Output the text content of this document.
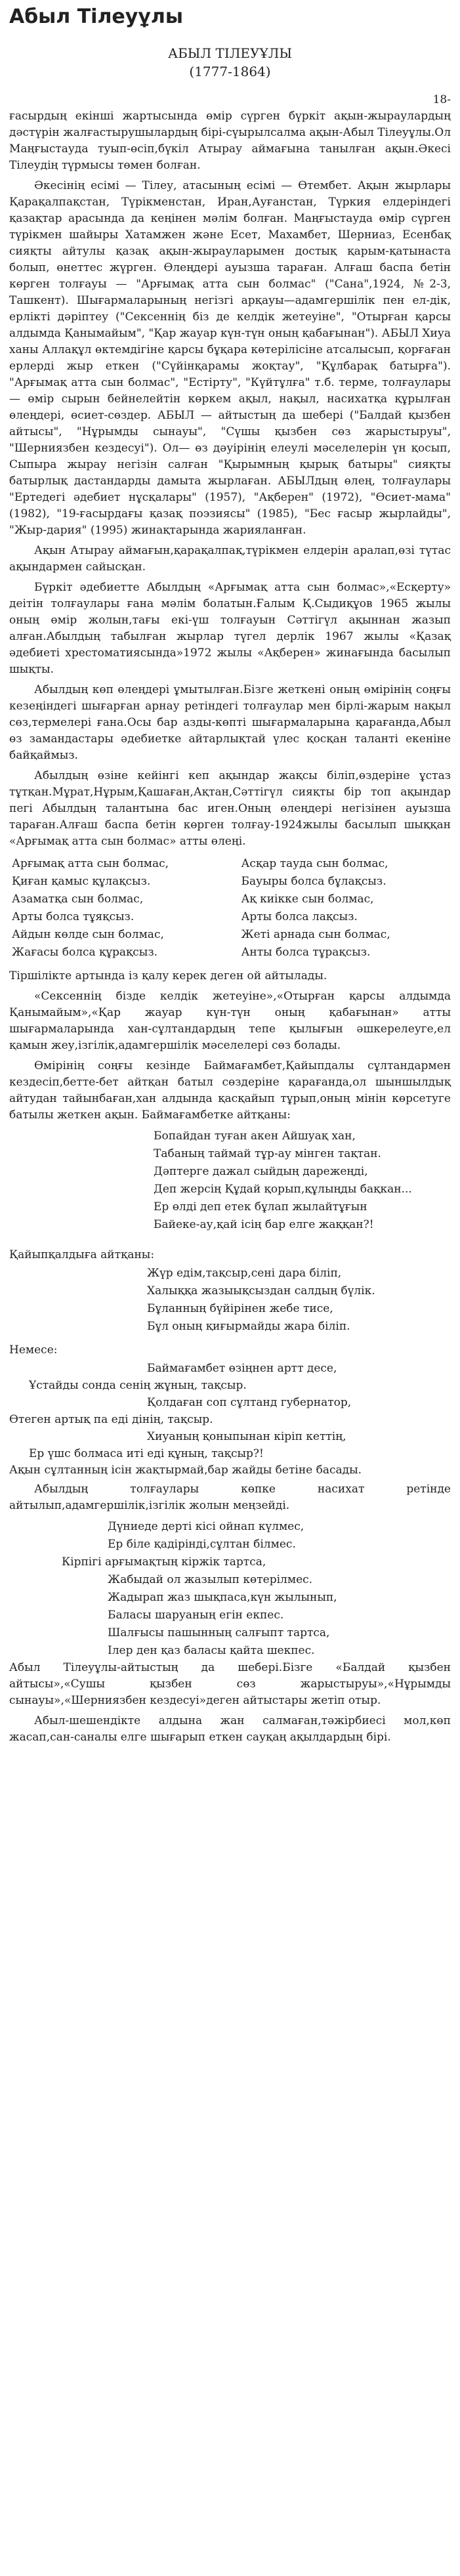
Абыл Тілеуұлы
АБЫЛ ТІЛЕУҰЛЫ
(1777-1864)
18-

ғасырдың екінші жартысында өмір сүрген бүркіт ақын-жыраулардың дәстүрін жалғастырушылардың бірі-сүырылсалма ақын-Абыл Тілеуұлы.Ол Маңғыстауда туып-өсіп,бүкіл Атырау аймағына танылған ақын.Әкесі Тілеудің түрмысы төмен болған.

Әкесінің есімі — Тілеу, атасының есімі — Өтембет. Ақын жырлары Қарақалпақстан, Түрікменстан, Иран,Ауғанстан, Түркия елдеріндегі қазақтар арасында да кеңінен мәлім болған. Маңғыстауда өмір сүрген түрікмен шайыры Хатамжен және Есет, Махамбет, Шерниаз, Есенбақ сияқты айтулы қазақ ақын-жырауларымен достық қарым-қатынаста болып, өнеттес жүрген. Өлеңдері ауызша тараған. Алғаш баспа бетін көрген толғауы — "Арғымақ атта сын болмас" ("Сана",1924, №2-3, Ташкент). Шығармаларының негізгі арқауы—адамгершілік пен ел-дік, ерлікті дәріптеу ("Сексеннің біз де келдік жетеуіне", "Отырған қарсы алдымда Қанымайым", "Қар жауар күн-түн оның қабағынан"). АБЫЛ Хиуа ханы Аллақұл өктемдігіне қарсы бұқара көтерілісіне атсалысып, қорғаған ерлерді жыр еткен ("Сүйінқарамы жоқтау", "Құлбарақ батырға"). "Арғымақ атта сын болмас", "Естірту", "Күйтұлға" т.б. терме, толғаулары— өмір сырын бейнелейтін көркем ақыл, нақыл, насихатқа құрылған өлеңдері, өсиет-сөздер. АБЫЛ — айтыстың да шебері ("Балдай қызбен айтысы", "Нұрымды сынауы", "Сүшы қызбен сөз жарыстыруы", "Шерниязбен кездесуі"). Ол— өз дәуірінің елеулі мәселелерін үн қосып, Сыпыра жырау негізін салған "Қырымның қырық батыры" сияқты батырлық дастандарды дамыта жырлаған. АБЫЛдың өлең, толғаулары "Ертедегі әдебиет нұсқалары" (1957), "Ақберен" (1972), "Өсиет-мама" (1982), "19-ғасырдағы қазақ поэзиясы" (1985), "Бес ғасыр жырлайды", "Жыр-дария" (1995) жинақтарында жарияланған.

Ақын Атырау аймағын,қарақалпақ,түрікмен елдерін аралап,өзі түтас ақындармен сайысқан.

Бүркіт әдебиетте Абылдың «Арғымақ атта сын болмас»,«Есқерту» деітін толғаулары ғана мәлім болатын.Ғалым Қ.Сыдиқұов 1965 жылы оның өмір жолын,тағы екі-үш толғауын Сәттігүл ақыннан жазып алған.Абылдың табылған жырлар түгел дерлік 1967 жылы «Қазақ әдебиеті хрестоматиясында»1972 жылы «Ақберен» жинағында басылып шықты.

Абылдың көп өлеңдері ұмытылған.Бізге жеткені оның өмірінің соңғы кезеңіндегі шығарған арнау ретіндегі толғаулар мен бірлі-жарым нақыл сөз,термелері ғана.Осы бар азды-көпті шығармаларына қарағанда,Абыл өз замандастары әдебиетке айтарлықтай үлес қосқан таланті екеніне байқаймыз.

Абылдың өзіне кейінгі кеп ақындар жақсы біліп,өздеріне ұстаз тұтқан.Мұрат,Нұрым,Қашаған,Ақтан,Сәттігүл сияқты бір топ ақындар пегі Абылдың талантына бас иген.Оның өлеңдері негізінен ауызша тараған.Алғаш баспа бетін көрген толғау-1924жылы басылып шыққан «Арғымақ атта сын болмас» атты өлеңі.

Арғымақ атта сын болмас,
Қиған қамыс құлақсыз.
Азаматқа сын болмас,
Арты болса тұяқсыз.
Айдын көлде сын болмас,
Жағасы болса құрақсыз.
Асқар тауда сын болмас,
Бауыры болса бұлақсыз.
Ақ киікке сын болмас,
Арты болса лақсыз.
Жеті арнада сын болмас,
Анты болса тұрақсыз.

Тіршілікте артында із қалу керек деген ой айтылады.

«Сексеннің біздe келдік жетеуіне»,«Отырған қарсы алдымда Қанымайым»,«Қар жауар күн-түн оның қабағынан» атты шығармаларында хан-сұлтандардың тепе қылығын әшкерелеуге,ел қамын жеу,ізгілік,адамгершілік мәселелері сөз болады.

Өмірінің соңғы кезінде Баймағамбет,Қайыпдалы сұлтандармен кездесіп,бетте-бет айтқан батыл сөздеріне қарағанда,ол шыншылдық айтудан тайынбаған,хан алдында қасқайып тұрып,оның мінін көрсетуге батылы жеткен ақын. Баймағамбетке айтқаны:

Бопайдан туған акен Айшуақ хан,
Табаның таймай тұр-ау мінген тақтан.
Дәптерге дажал сыйдың дарежеңді,
Деп жерсің Құдай қорып,құлыңды бақкан...
Ер өлді деп етек бұлап жылайтұғын
Байеке-ау,қай ісің бар елге жаққан?!
Қайыпқалдыға айтқаны:
Жүр едім,тақсыр,сені дара біліп,
Халыққа жазыықсыздан салдың бүлік.
Бұланның бүйірінен жебе тисе,
Бұл оның қиғырмайды жара біліп.
Немесе:
Баймағамбет өзіңнен артт десе,
Ұстайды сонда сенің жұның, тақсыр.
Қолдаған соп сұлтанд губернатор,
Өтеген артық па еді дінің, тақсыр.
Хиуаның қоныпынан кіріп кеттің,
Ер үшс болмаса иті еді құның, тақсыр?!
Ақын сұлтанның ісін жақтырмай,бар жайды бетіне басады.

Абылдың толғаулары көпке насихат ретінде айтылып,адамгершілік,ізгілік жолын меңзейді.

Дүниеде дерті кісі ойнап күлмес,
Ер біле қадірінді,сұлтан білмес.
Кірпігі арғымақтың кіржік тартса,
Жабыдай ол жазылып көтерілмес.
Жадырап жаз шықпаса,күн жылынып,
Баласы шаруаның егін екпес.
Шалғысы пашынның салғыпт тартса,
Ілер ден қаз баласы қайта шекпес.

Абыл Тілеуұлы-айтыстың да шебері.Бізге «Балдай қызбен айтысы»,«Сушы қызбен сөз жарыстыруы»,«Нұрымды сынауы»,«Шерниязбен кездесуі»деген айтыстары жетіп отыр.

Абыл-шешендікте алдына жан салмаған,тәжірбиесі мол,көп жасап,сан-саналы елге шығарып еткен сауқаң ақылдардың бірі.
